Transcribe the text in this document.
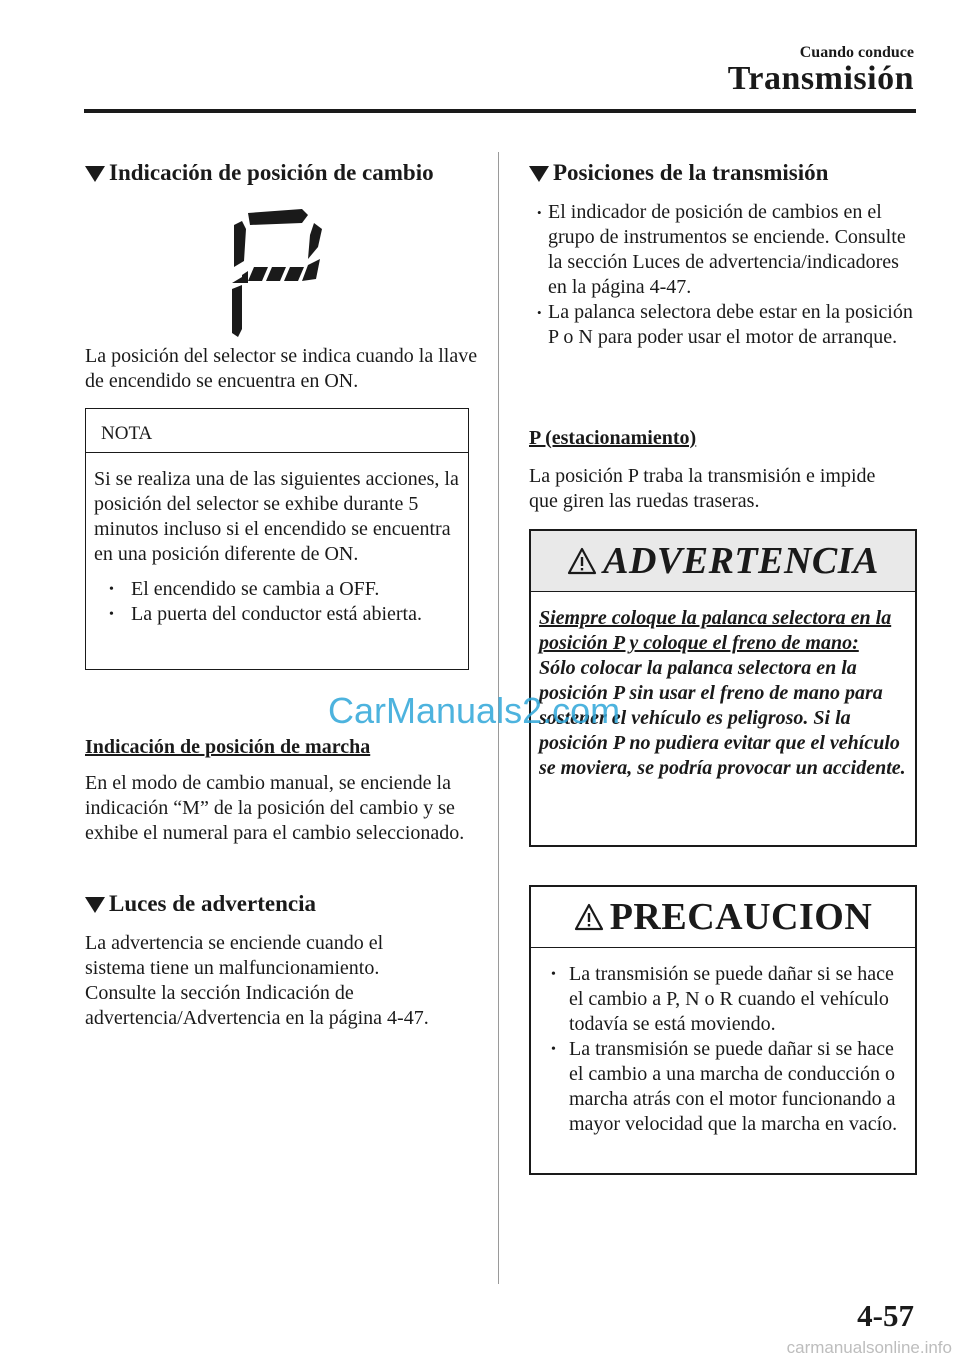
Cuando conduce
Transmisión
Indicación de posición de cambio
La posición del selector se indica cuando la llave de encendido se encuentra en ON.
NOTA
Si se realiza una de las siguientes acciones, la posición del selector se exhibe durante 5 minutos incluso si el encendido se encuentra en una posición diferente de ON.
• El encendido se cambia a OFF.
• La puerta del conductor está abierta.
Indicación de posición de marcha
En el modo de cambio manual, se enciende la indicación “M” de la posición del cambio y se exhibe el numeral para el cambio seleccionado.
Luces de advertencia
La advertencia se enciende cuando el sistema tiene un malfuncionamiento. Consulte la sección Indicación de advertencia/Advertencia en la página 4-47.
Posiciones de la transmisión
• El indicador de posición de cambios en el grupo de instrumentos se enciende. Consulte la sección Luces de advertencia/indicadores en la página 4-47.
• La palanca selectora debe estar en la posición P o N para poder usar el motor de arranque.
P (estacionamiento)
La posición P traba la transmisión e impide que giren las ruedas traseras.
ADVERTENCIA
Siempre coloque la palanca selectora en la posición P y coloque el freno de mano:
Sólo colocar la palanca selectora en la posición P sin usar el freno de mano para sostener el vehículo es peligroso. Si la posición P no pudiera evitar que el vehículo se moviera, se podría provocar un accidente.
PRECAUCION
• La transmisión se puede dañar si se hace el cambio a P, N o R cuando el vehículo todavía se está moviendo.
• La transmisión se puede dañar si se hace el cambio a una marcha de conducción o marcha atrás con el motor funcionando a mayor velocidad que la marcha en vacío.
4-57
CarManuals2.com
carmanualsonline.info
